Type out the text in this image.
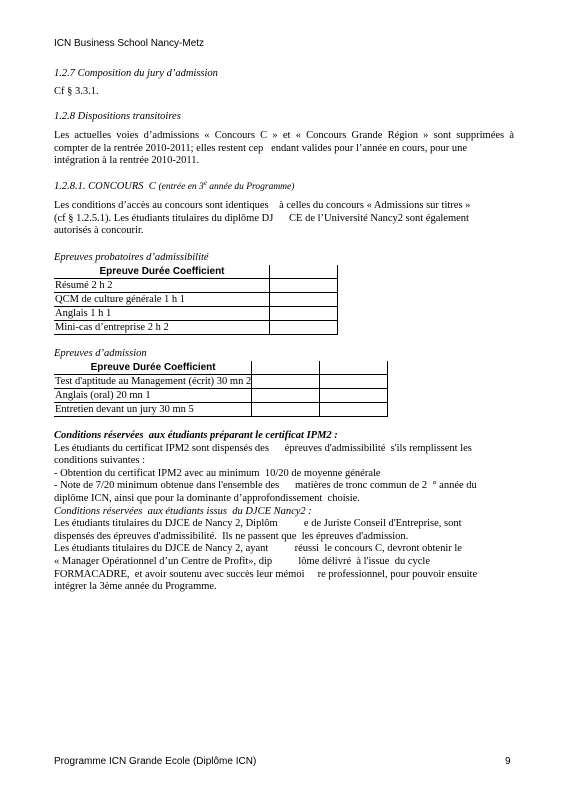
ICN Business School Nancy-Metz
1.2.7 Composition du jury d’admission
Cf § 3.3.1.
1.2.8 Dispositions transitoires
Les actuelles voies d’admissions « Concours C » et « Concours Grande Région » sont supprimées à
compter de la rentrée 2010-2011; elles restent cep   endant valides pour l’année en cours, pour une
intégration à la rentrée 2010-2011.
1.2.8.1. CONCOURS  C (entrée en 3e année du Programme)
Les conditions d’accès au concours sont identiques    à celles du concours « Admissions sur titres »
(cf § 1.2.5.1). Les étudiants titulaires du diplôme DJ      CE de l’Université Nancy2 sont également
autorisés à concourir.
Epreuves probatoires d’admissibilité
Epreuve Durée Coefficient	
Résumé 2 h 2	
QCM de culture générale 1 h 1	
Anglais 1 h 1	
Mini-cas d’entreprise 2 h 2	
Epreuves d’admission
Epreuve Durée Coefficient		
Test d'aptitude au Management (écrit) 30 mn 2		
Anglais (oral) 20 mn 1		
Entretien devant un jury 30 mn 5		
Conditions réservées  aux étudiants préparant le certificat IPM2 :
Les étudiants du certificat IPM2 sont dispensés des      épreuves d'admissibilité  s'ils remplissent les
conditions suivantes :
- Obtention du certificat IPM2 avec au minimum  10/20 de moyenne générale
- Note de 7/20 minimum obtenue dans l'ensemble des      matières de tronc commun de 2  ° année du
diplôme ICN, ainsi que pour la dominante d’approfondissement  choisie.
Conditions réservées  aux étudiants issus  du DJCE Nancy2 :
Les étudiants titulaires du DJCE de Nancy 2, Diplôm          e de Juriste Conseil d'Entreprise, sont
dispensés des épreuves d'admissibilité.  Ils ne passent que  les épreuves d'admission.
Les étudiants titulaires du DJCE de Nancy 2, ayant          réussi  le concours C, devront obtenir le
« Manager Opérationnel d’un Centre de Profit», dip          lôme délivré  à l'issue  du cycle
FORMACADRE,  et avoir soutenu avec succès leur mémoi     re professionnel, pour pouvoir ensuite
intégrer la 3ème année du Programme.
Programme ICN Grande Ecole (Diplôme ICN)	9
